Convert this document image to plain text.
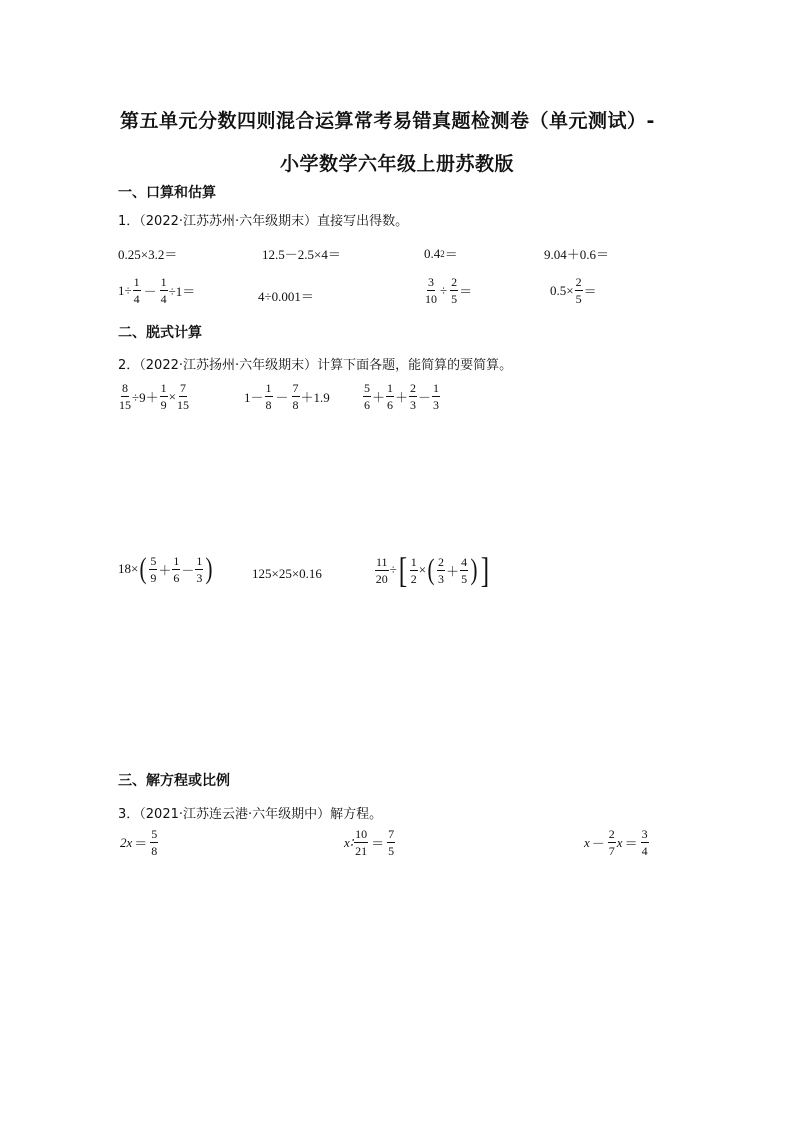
第五单元分数四则混合运算常考易错真题检测卷（单元测试）-
小学数学六年级上册苏教版
一、口算和估算
1．（2022·江苏苏州·六年级期末）直接写出得数。
0.25×3.2＝	12.5－2.5×4＝	0.4 2 ＝	9.04＋0.6＝
$1\div \frac{1}{4} - \frac{1}{4} \div 1=$	4÷0.001＝	$\frac{3}{10} \div \frac{2}{5}$ ＝	$0.5\times \frac{2}{5}$ ＝
二、脱式计算
2．（2022·江苏扬州·六年级期末）计算下面各题，能简算的要简算。
$\frac{8}{15} \div 9+ \frac{1}{9} \times \frac{7}{15}$	$1- \frac{1}{8} - \frac{7}{8} +1.9$	$\frac{5}{6} + \frac{1}{6} + \frac{2}{3} - \frac{1}{3}$
18× ( $\frac{5}{9} + \frac{1}{6} - \frac{1}{3}$ )	125×25×0.16	$\frac{11}{20}$ ÷ [ $\frac{1}{2}$ × ( $\frac{2}{3} + \frac{4}{5}$ ) ]
三、解方程或比例
3．（2021·江苏连云港·六年级期中）解方程。
$2x = \frac{5}{8}$	x∶ $\frac{10}{21} = \frac{7}{5}$	$x - \frac{2}{7}$ $x = \frac{3}{4}$
